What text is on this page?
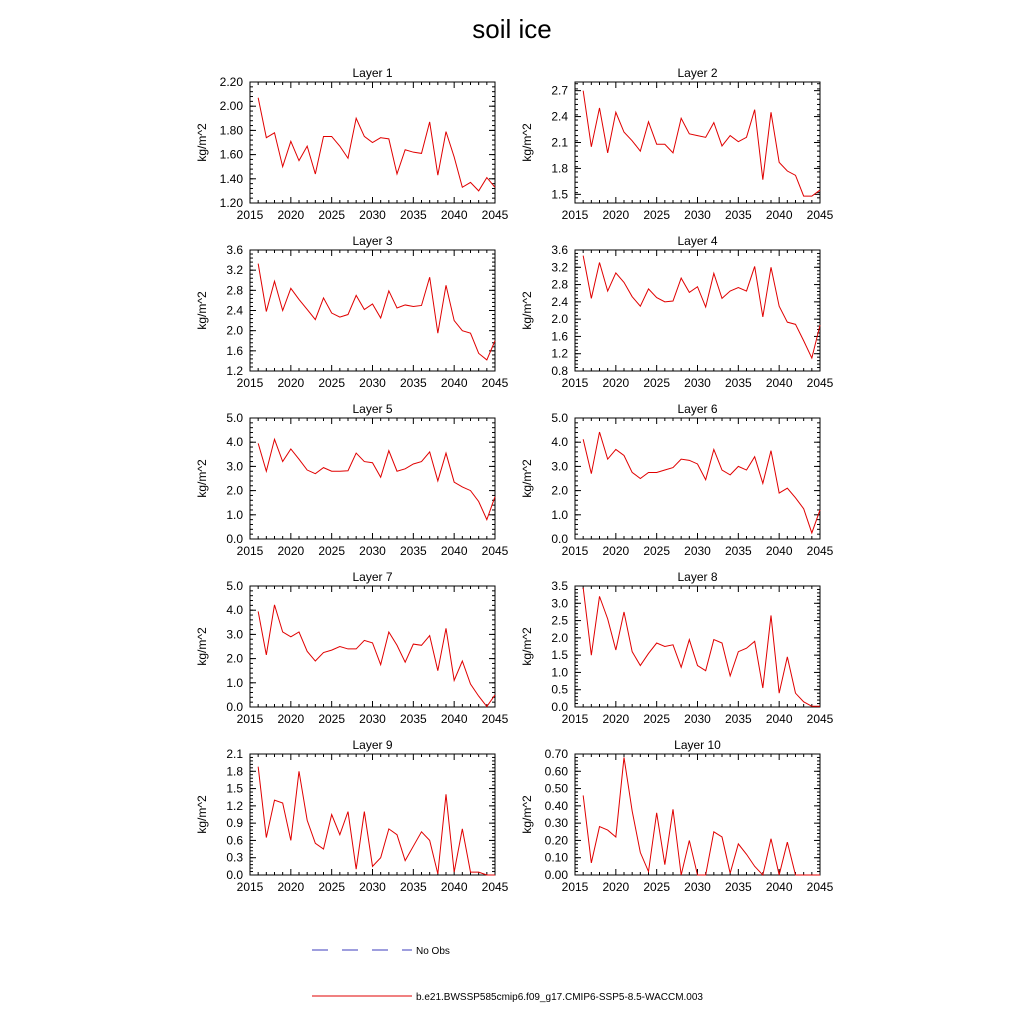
soil ice
Layer 1
kg/m^2
2015 2020 2025 2030 2035 2040 2045
1.20
1.40
1.60
1.80
2.00
2.20
Layer 2
kg/m^2
2015 2020 2025 2030 2035 2040 2045
1.5
1.8
2.1
2.4
2.7
Layer 3
kg/m^2
2015 2020 2025 2030 2035 2040 2045
1.2
1.6
2.0
2.4
2.8
3.2
3.6
Layer 4
kg/m^2
2015 2020 2025 2030 2035 2040 2045
0.8
1.2
1.6
2.0
2.4
2.8
3.2
3.6
Layer 5
kg/m^2
2015 2020 2025 2030 2035 2040 2045
0.0
1.0
2.0
3.0
4.0
5.0
Layer 6
kg/m^2
2015 2020 2025 2030 2035 2040 2045
0.0
1.0
2.0
3.0
4.0
5.0
Layer 7
kg/m^2
2015 2020 2025 2030 2035 2040 2045
0.0
1.0
2.0
3.0
4.0
5.0
Layer 8
kg/m^2
2015 2020 2025 2030 2035 2040 2045
0.0
0.5
1.0
1.5
2.0
2.5
3.0
3.5
Layer 9
kg/m^2
2015 2020 2025 2030 2035 2040 2045
0.0
0.3
0.6
0.9
1.2
1.5
1.8
2.1
Layer 10
kg/m^2
2015 2020 2025 2030 2035 2040 2045
0.00
0.10
0.20
0.30
0.40
0.50
0.60
0.70
No Obs
b.e21.BWSSP585cmip6.f09_g17.CMIP6-SSP5-8.5-WACCM.003
